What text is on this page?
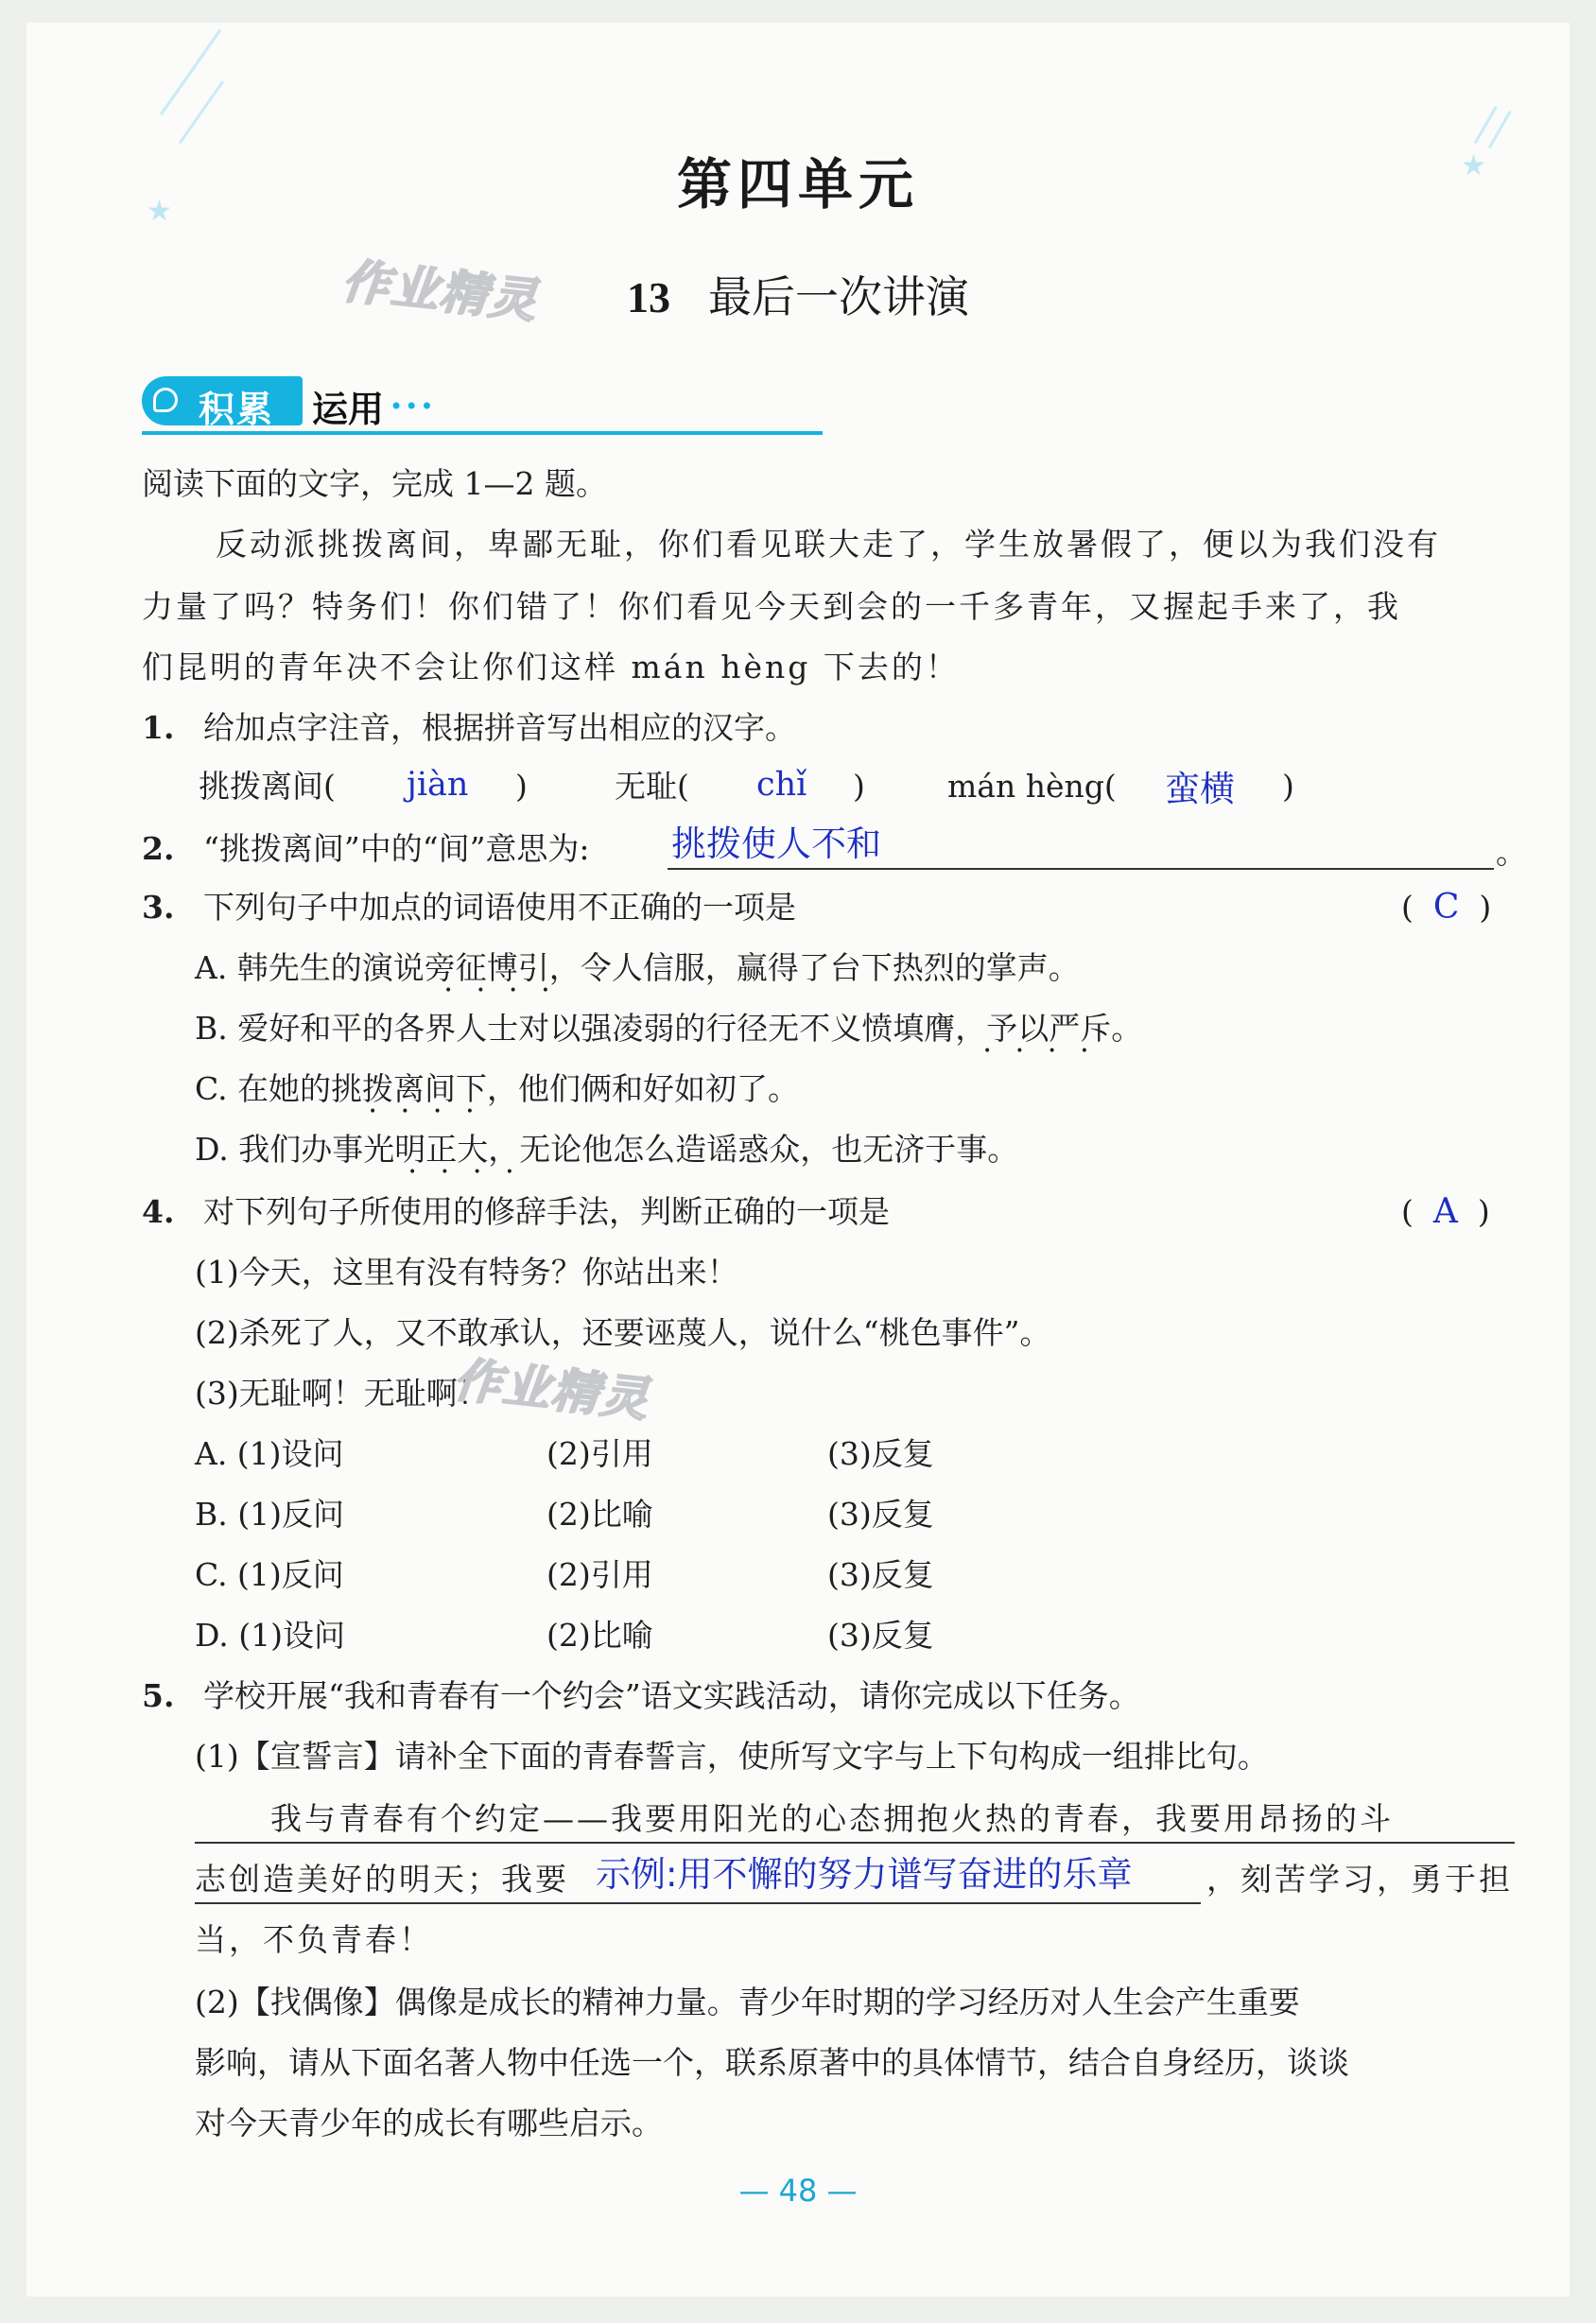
★
★
第四单元
作业精灵	13 最后一次讲演
积累 运用 •••
阅读下面的文字，完成 1—2 题。
反动派挑拨离间，卑鄙无耻，你们看见联大走了，学生放暑假了，便以为我们没有
力量了吗？特务们！你们错了！你们看见今天到会的一千多青年，又握起手来了，我
们昆明的青年决不会让你们这样 mán hèng 下去的！
1. 给加点字注音，根据拼音写出相应的汉字。
挑拨离间( jiàn )	无耻( chǐ )	mán hèng( 蛮横 )
2. “挑拨离间”中的“间”意思为: 挑拨使人不和	。
3. 下列句子中加点的词语使用不正确的一项是	(  C  )
A. 韩先生的演说旁征博引，令人信服，赢得了台下热烈的掌声。
B. 爱好和平的各界人士对以强凌弱的行径无不义愤填膺，予以严斥。
C. 在她的挑拨离间下，他们俩和好如初了。
D. 我们办事光明正大，无论他怎么造谣惑众，也无济于事。
••••
••••
••••
••••
4. 对下列句子所使用的修辞手法，判断正确的一项是	(  A  )
(1)今天，这里有没有特务？你站出来！
(2)杀死了人，又不敢承认，还要诬蔑人，说什么“桃色事件”。
(3)无耻啊！无耻啊！
作业精灵
A. (1)设问	(2)引用	(3)反复
B. (1)反问	(2)比喻	(3)反复
C. (1)反问	(2)引用	(3)反复
D. (1)设问	(2)比喻	(3)反复
5. 学校开展“我和青春有一个约会”语文实践活动，请你完成以下任务。
(1)【宣誓言】请补全下面的青春誓言，使所写文字与上下句构成一组排比句。
我与青春有个约定——我要用阳光的心态拥抱火热的青春，我要用昂扬的斗
志创造美好的明天；我要 示例:用不懈的努力谱写奋进的乐章 ，刻苦学习，勇于担
当，不负青春！
(2)【找偶像】偶像是成长的精神力量。青少年时期的学习经历对人生会产生重要
影响，请从下面名著人物中任选一个，联系原著中的具体情节，结合自身经历，谈谈
对今天青少年的成长有哪些启示。
— 48 —
